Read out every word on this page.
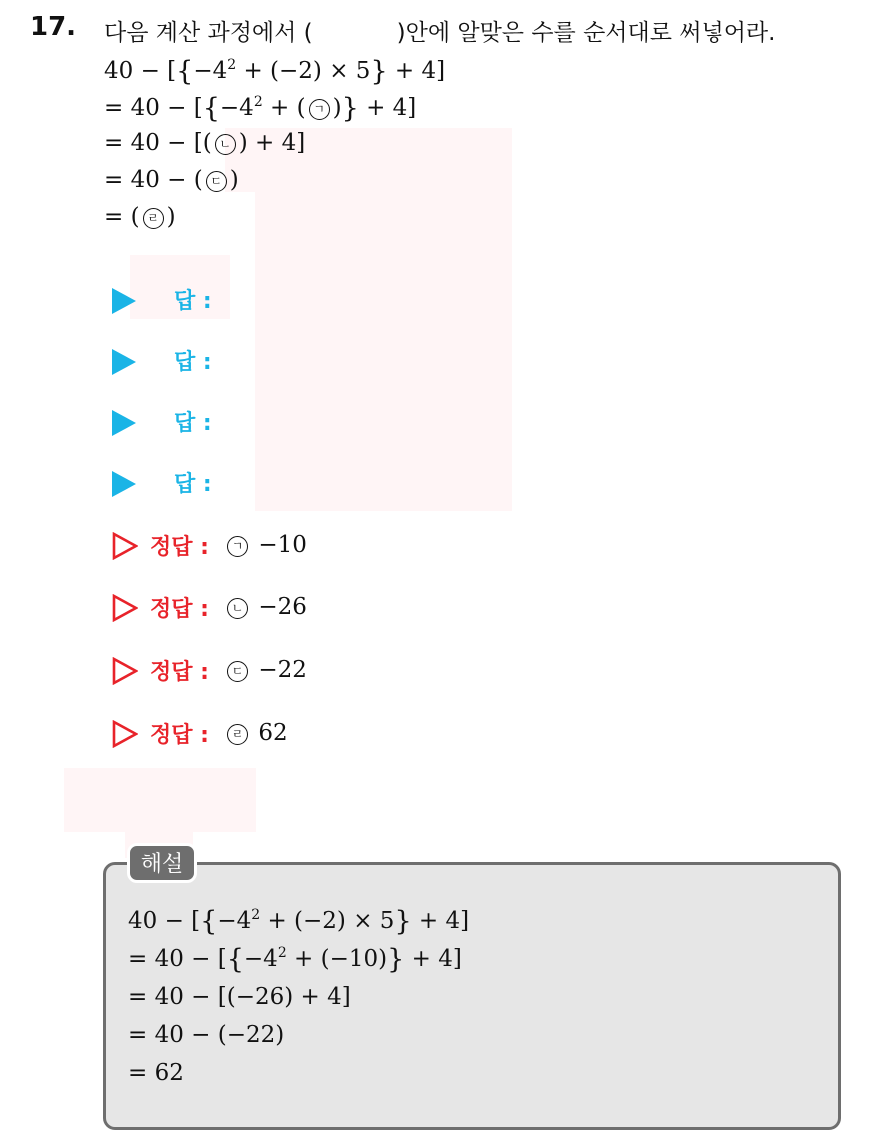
17. 다음 계산 과정에서 (	)안에 알맞은 수를 순서대로 써넣어라.
$40 - [\{-4^2 + (-2) \times 5\} + 4]$
= $40 - [\{-4^2$ + ( ㄱ )} + 4]
= 40 − [( ㄴ ) + 4]
= 40 − ( ㄷ )
= ( ㄹ )
답 :
답 :
답 :
답 :
정답 :	ㄱ −10
정답 :	ㄴ −26
정답 :	ㄷ −22
정답 :	ㄹ 62
해설
$40 - [\{-4^2 + (-2) \times 5\} + 4]$
= $40 - [\{-4^2 + (-10)\} + 4]$
= 40 − [(−26) + 4]
= 40 − (−22)
= 62
